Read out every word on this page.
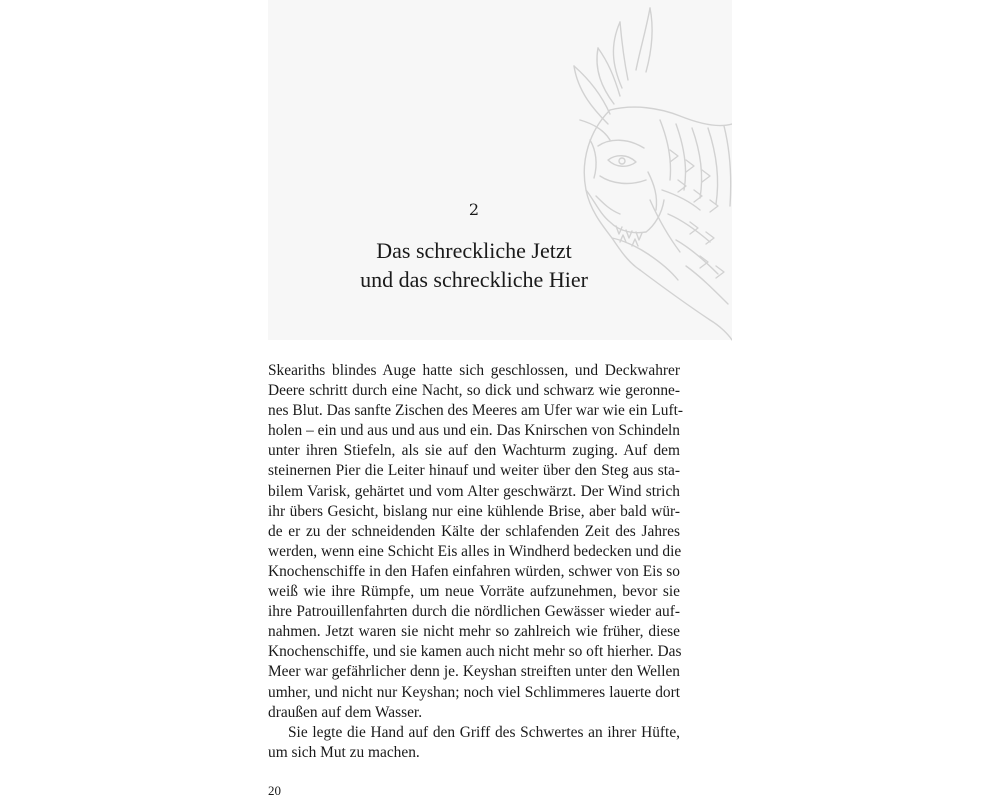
2
Das schreckliche Jetzt
und das schreckliche Hier
Skeariths blindes Auge hatte sich geschlossen, und Deckwahrer
Deere schritt durch eine Nacht, so dick und schwarz wie geronne-
nes Blut. Das sanfte Zischen des Meeres am Ufer war wie ein Luft-
holen – ein und aus und aus und ein. Das Knirschen von Schindeln
unter ihren Stiefeln, als sie auf den Wachturm zuging. Auf dem
steinernen Pier die Leiter hinauf und weiter über den Steg aus sta-
bilem Varisk, gehärtet und vom Alter geschwärzt. Der Wind strich
ihr übers Gesicht, bislang nur eine kühlende Brise, aber bald wür-
de er zu der schneidenden Kälte der schlafenden Zeit des Jahres
werden, wenn eine Schicht Eis alles in Windherd bedecken und die
Knochenschiffe in den Hafen einfahren würden, schwer von Eis so
weiß wie ihre Rümpfe, um neue Vorräte aufzunehmen, bevor sie
ihre Patrouillenfahrten durch die nördlichen Gewässer wieder auf-
nahmen. Jetzt waren sie nicht mehr so zahlreich wie früher, diese
Knochenschiffe, und sie kamen auch nicht mehr so oft hierher. Das
Meer war gefährlicher denn je. Keyshan streiften unter den Wellen
umher, und nicht nur Keyshan; noch viel Schlimmeres lauerte dort
draußen auf dem Wasser.
Sie legte die Hand auf den Griff des Schwertes an ihrer Hüfte,
um sich Mut zu machen.
20
